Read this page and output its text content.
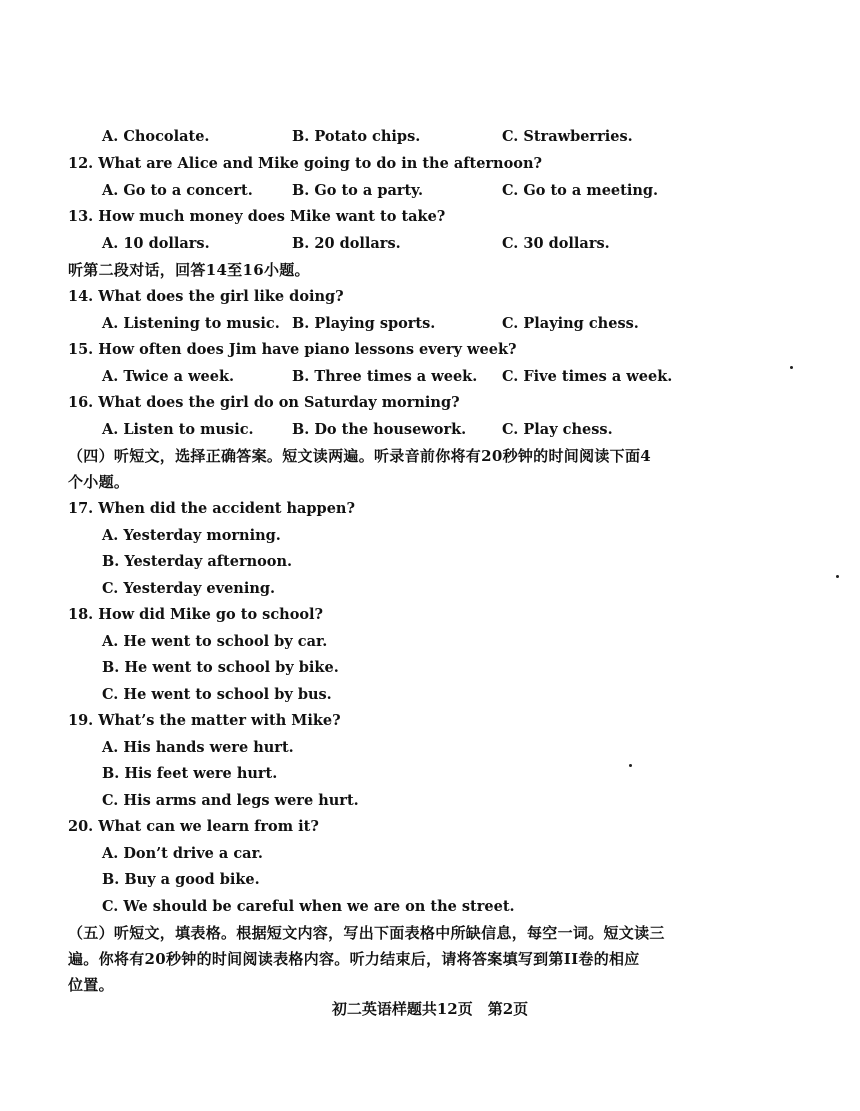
A. Chocolate.	B. Potato chips.	C. Strawberries.
12. What are Alice and Mike going to do in the afternoon?
A. Go to a concert.	B. Go to a party.	C. Go to a meeting.
13. How much money does Mike want to take?
A. 10 dollars.	B. 20 dollars.	C. 30 dollars.
听第二段对话，回答14至16小题。
14. What does the girl like doing?
A. Listening to music. B. Playing sports.	C. Playing chess.
15. How often does Jim have piano lessons every week?
A. Twice a week.	B. Three times a week. C. Five times a week.
16. What does the girl do on Saturday morning?
A. Listen to music.	B. Do the housework. C. Play chess.
（四）听短文，选择正确答案。短文读两遍。听录音前你将有20秒钟的时间阅读下面4
个小题。
17. When did the accident happen?
A. Yesterday morning.
B. Yesterday afternoon.
C. Yesterday evening.
18. How did Mike go to school?
A. He went to school by car.
B. He went to school by bike.
C. He went to school by bus.
19. What’s the matter with Mike?
A. His hands were hurt.
B. His feet were hurt.
C. His arms and legs were hurt.
20. What can we learn from it?
A. Don’t drive a car.
B. Buy a good bike.
C. We should be careful when we are on the street.
（五）听短文，填表格。根据短文内容，写出下面表格中所缺信息，每空一词。短文读三
遍。你将有20秒钟的时间阅读表格内容。听力结束后，请将答案填写到第II卷的相应
位置。
初二英语样题共12页　第2页
